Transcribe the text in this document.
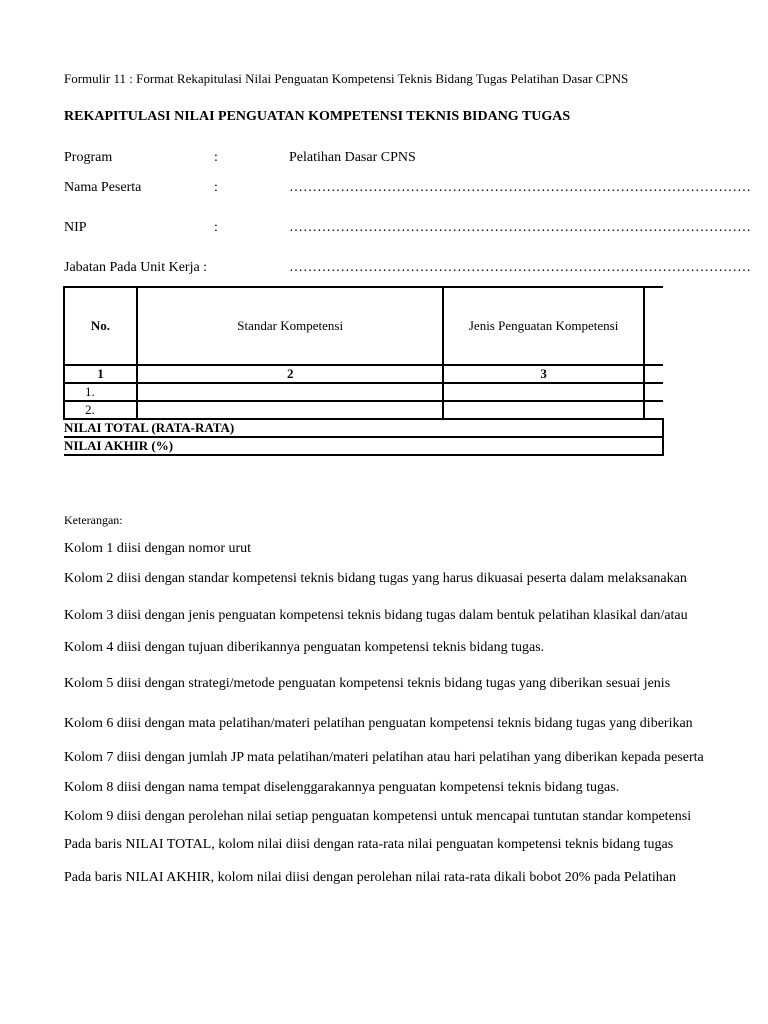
Formulir 11 : Format Rekapitulasi Nilai Penguatan Kompetensi Teknis Bidang Tugas Pelatihan Dasar CPNS
REKAPITULASI NILAI PENGUATAN KOMPETENSI TEKNIS BIDANG TUGAS
Program	:	Pelatihan Dasar CPNS
Nama Peserta	:	………………………………………………………………………………………
NIP	:	………………………………………………………………………………………
Jabatan Pada Unit Kerja :	………………………………………………………………………………………
No.	Standar Kompetensi	Jenis Penguatan Kompetensi	
1	2	3	
1.			
2.			
NILAI TOTAL (RATA-RATA)			
NILAI AKHIR (%)			
Keterangan:
Kolom 1 diisi dengan nomor urut
Kolom 2 diisi dengan standar kompetensi teknis bidang tugas yang harus dikuasai peserta dalam melaksanakan
Kolom 3 diisi dengan jenis penguatan kompetensi teknis bidang tugas dalam bentuk pelatihan klasikal dan/atau
Kolom 4 diisi dengan tujuan diberikannya penguatan kompetensi teknis bidang tugas.
Kolom 5 diisi dengan strategi/metode penguatan kompetensi teknis bidang tugas yang diberikan sesuai jenis
Kolom 6 diisi dengan mata pelatihan/materi pelatihan penguatan kompetensi teknis bidang tugas yang diberikan
Kolom 7 diisi dengan jumlah JP mata pelatihan/materi pelatihan atau hari pelatihan yang diberikan kepada peserta
Kolom 8 diisi dengan nama tempat diselenggarakannya penguatan kompetensi teknis bidang tugas.
Kolom 9 diisi dengan perolehan nilai setiap penguatan kompetensi untuk mencapai tuntutan standar kompetensi
Pada baris NILAI TOTAL, kolom nilai diisi dengan rata-rata nilai penguatan kompetensi teknis bidang tugas
Pada baris NILAI AKHIR, kolom nilai diisi dengan perolehan nilai rata-rata dikali bobot 20% pada Pelatihan
